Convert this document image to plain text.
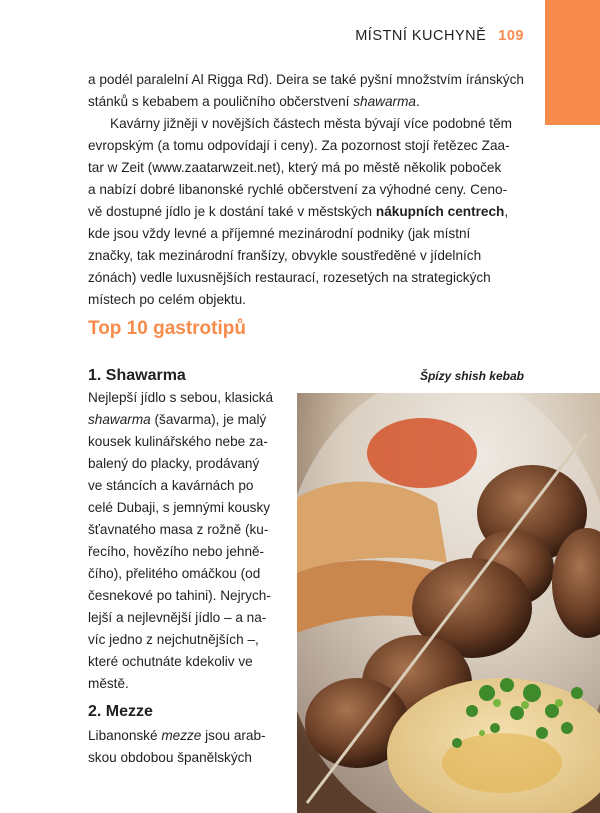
MÍSTNÍ KUCHYNĚ 109
a podél paralelní Al Rigga Rd). Deira se také pyšní množstvím íránských
stánků s kebabem a pouličního občerstvení shawarma.
Kavárny jižněji v novějších částech města bývají více podobné těm
evropským (a tomu odpovídají i ceny). Za pozornost stojí řetězec Zaa-
tar w Zeit (www.zaatarwzeit.net), který má po městě několik poboček
a nabízí dobré libanonské rychlé občerstvení za výhodné ceny. Ceno-
vě dostupné jídlo je k dostání také v městských nákupních centrech,
kde jsou vždy levné a příjemné mezinárodní podniky (jak místní
značky, tak mezinárodní franšízy, obvykle soustředěné v jídelních
zónách) vedle luxusnějších restaurací, rozesetých na strategických
místech po celém objektu.
Top 10 gastrotipů
1. Shawarma	Špízy shish kebab
Nejlepší jídlo s sebou, klasická
shawarma (šavarma), je malý
kousek kulinářského nebe za-
balený do placky, prodávaný
ve stáncích a kavárnách po
celé Dubaji, s jemnými kousky
šťavnatého masa z rožně (ku-
řecího, hovězího nebo jehně-
čího), přelitého omáčkou (od
česnekové po tahini). Nejrych-
lejší a nejlevnější jídlo – a na-
víc jedno z nejchutnějších –,
které ochutnáte kdekoliv ve
městě.
2. Mezze
Libanonské mezze jsou arab-
skou obdobou španělských
